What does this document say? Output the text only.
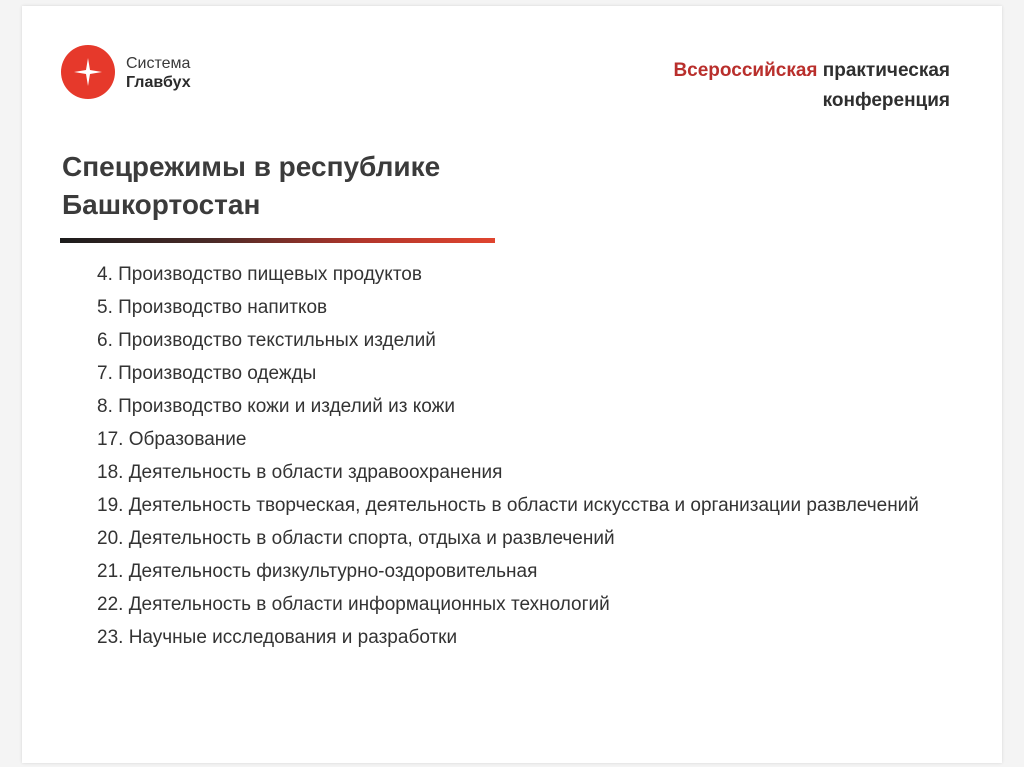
Система
Главбух
Всероссийская практическая
конференция
Спецрежимы в республике
Башкортостан
4. Производство пищевых продуктов
5. Производство напитков
6. Производство текстильных изделий
7. Производство одежды
8. Производство кожи и изделий из кожи
17. Образование
18. Деятельность в области здравоохранения
19. Деятельность творческая, деятельность в области искусства и организации развлечений
20. Деятельность в области спорта, отдыха и развлечений
21. Деятельность физкультурно-оздоровительная
22. Деятельность в области информационных технологий
23. Научные исследования и разработки
